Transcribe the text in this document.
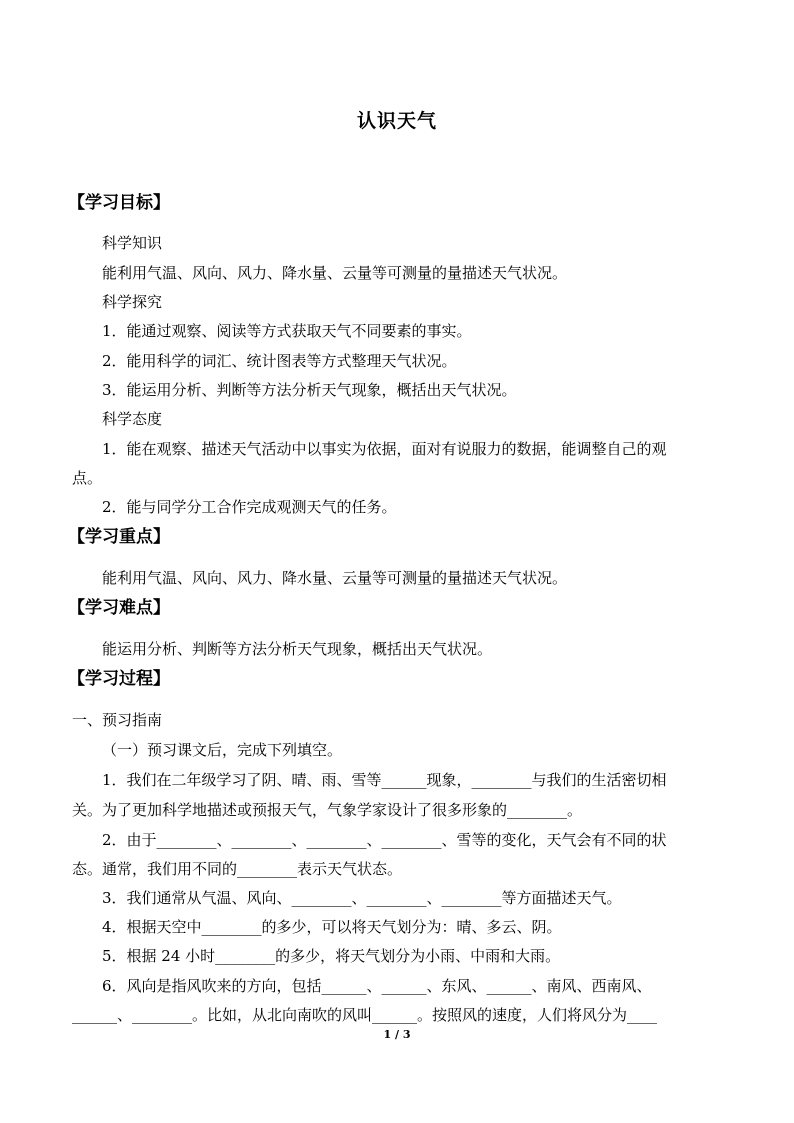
认识天气
【学习目标】
科学知识
能利用气温、风向、风力、降水量、云量等可测量的量描述天气状况。
科学探究
1．能通过观察、阅读等方式获取天气不同要素的事实。
2．能用科学的词汇、统计图表等方式整理天气状况。
3．能运用分析、判断等方法分析天气现象，概括出天气状况。
科学态度
1．能在观察、描述天气活动中以事实为依据，面对有说服力的数据，能调整自己的观
点。
2．能与同学分工合作完成观测天气的任务。
【学习重点】
能利用气温、风向、风力、降水量、云量等可测量的量描述天气状况。
【学习难点】
能运用分析、判断等方法分析天气现象，概括出天气状况。
【学习过程】
一、预习指南
（一）预习课文后，完成下列填空。
1．我们在二年级学习了阴、晴、雨、雪等______现象，________与我们的生活密切相
关。为了更加科学地描述或预报天气，气象学家设计了很多形象的________。
2．由于________、________、________、________、雪等的变化，天气会有不同的状
态。通常，我们用不同的________表示天气状态。
3．我们通常从气温、风向、________、________、________等方面描述天气。
4．根据天空中________的多少，可以将天气划分为：晴、多云、阴。
5．根据 24 小时________的多少，将天气划分为小雨、中雨和大雨。
6．风向是指风吹来的方向，包括______、______、东风、______、南风、西南风、
______、________。比如，从北向南吹的风叫______。按照风的速度，人们将风分为____
1 / 3
